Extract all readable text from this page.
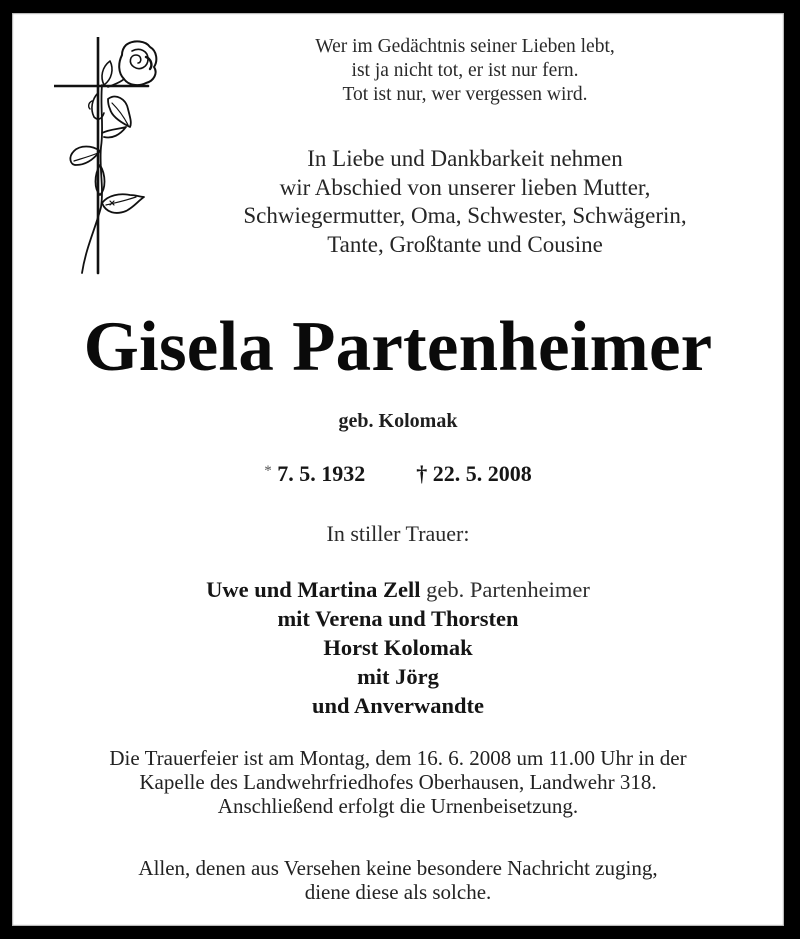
Wer im Gedächtnis seiner Lieben lebt,
ist ja nicht tot, er ist nur fern.
Tot ist nur, wer vergessen wird.
In Liebe und Dankbarkeit nehmen
wir Abschied von unserer lieben Mutter,
Schwiegermutter, Oma, Schwester, Schwägerin,
Tante, Großtante und Cousine
Gisela Partenheimer
geb. Kolomak
* 7. 5. 1932 † 22. 5. 2008
In stiller Trauer:
Uwe und Martina Zell geb. Partenheimer
mit Verena und Thorsten
Horst Kolomak
mit Jörg
und Anverwandte
Die Trauerfeier ist am Montag, dem 16. 6. 2008 um 11.00 Uhr in der
Kapelle des Landwehrfriedhofes Oberhausen, Landwehr 318.
Anschließend erfolgt die Urnenbeisetzung.
Allen, denen aus Versehen keine besondere Nachricht zuging,
diene diese als solche.
